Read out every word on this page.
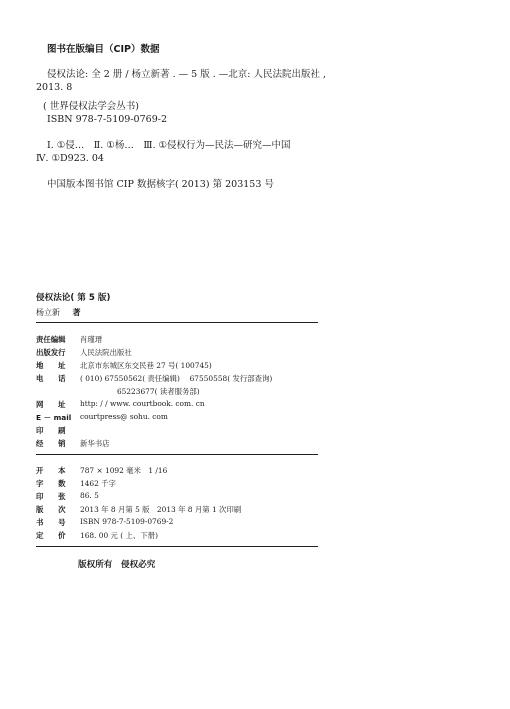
图书在版编目（CIP）数据
侵权法论: 全 2 册 / 杨立新著 . — 5 版 . —北京: 人民法院出版社 ,
2013. 8
( 世界侵权法学会丛书)
ISBN 978-7-5109-0769-2
Ⅰ. ①侵…　Ⅱ. ①杨…　Ⅲ. ①侵权行为—民法—研究—中国
Ⅳ. ①D923. 04
中国版本图书馆 CIP 数据核字( 2013) 第 203153 号
侵权法论( 第 5 版)
杨立新 著
责任编辑 肖瑾瑨
出版发行 人民法院出版社
地　　址 北京市东城区东交民巷 27 号( 100745)
电　　话 ( 010) 67550562( 责任编辑)　 67550558( 发行部查询)
　　　　　65223677( 读者服务部)
网　　址 http: / / www. courtbook. com. cn
E － mail courtpress@ sohu. com
印　　刷
经　　销 新华书店
开　　本 787 × 1092 毫米　1 /16
字　　数 1462 千字
印　　张 86. 5
版　　次 2013 年 8 月第 5 版　2013 年 8 月第 1 次印刷
书　　号 ISBN 978-7-5109-0769-2
定　　价 168. 00 元 ( 上、下册)
版权所有　侵权必究
